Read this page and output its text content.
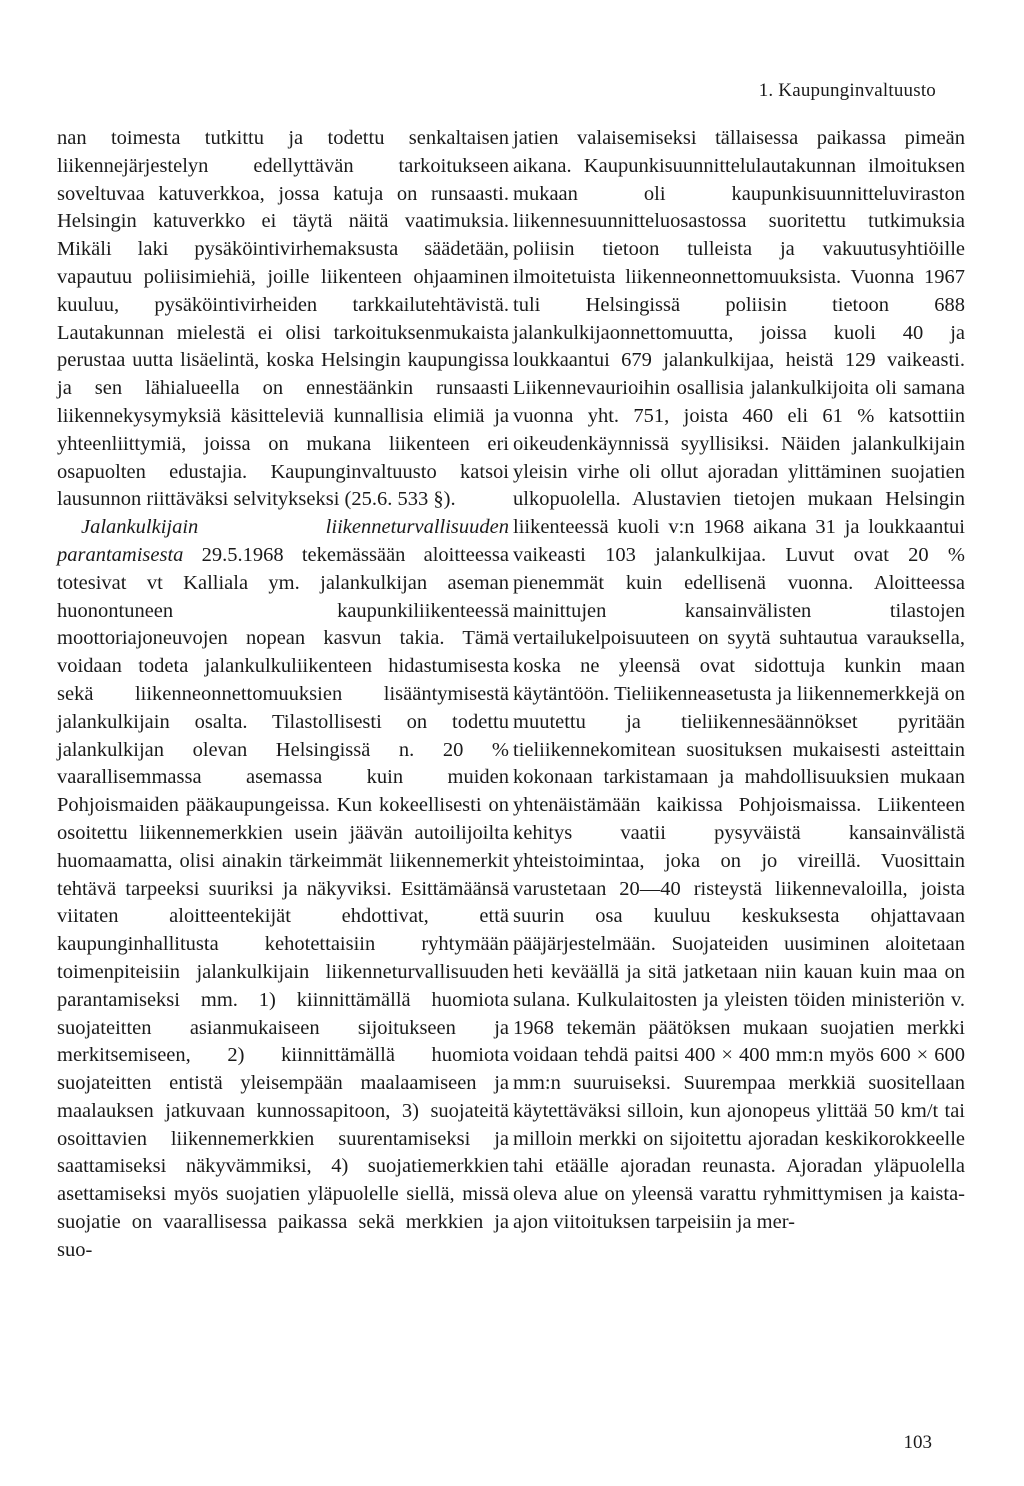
1. Kaupunginvaltuusto

nan toimesta tutkittu ja todettu senkaltaisen liikennejärjestelyn edellyttävän tarkoitukseen soveltuvaa katuverkkoa, jossa katuja on runsaasti. Helsingin katuverkko ei täytä näitä vaatimuksia. Mikäli laki pysäköintivirhemaksusta säädetään, vapautuu poliisimiehiä, joille liikenteen ohjaaminen kuuluu, pysäköintivirheiden tarkkailutehtävistä. Lautakunnan mielestä ei olisi tarkoituksenmukaista perustaa uutta lisäelintä, koska Helsingin kaupungissa ja sen lähialueella on ennestäänkin runsaasti liikennekysymyksiä käsitteleviä kunnallisia elimiä ja yhteenliittymiä, joissa on mukana liikenteen eri osapuolten edustajia. Kaupunginvaltuusto katsoi lausunnon riittäväksi selvitykseksi (25.6. 533 §).

Jalankulkijain liikenneturvallisuuden parantamisesta 29.5.1968 tekemässään aloitteessa totesivat vt Kalliala ym. jalankulkijan aseman huonontuneen kaupunkiliikenteessä moottoriajoneuvojen nopean kasvun takia. Tämä voidaan todeta jalankulkuliikenteen hidastumisesta sekä liikenneonnettomuuksien lisääntymisestä jalankulkijain osalta. Tilastollisesti on todettu jalankulkijan olevan Helsingissä n. 20 % vaarallisemmassa asemassa kuin muiden Pohjoismaiden pääkaupungeissa. Kun kokeellisesti on osoitettu liikennemerkkien usein jäävän autoilijoilta huomaamatta, olisi ainakin tärkeimmät liikennemerkit tehtävä tarpeeksi suuriksi ja näkyviksi. Esittämäänsä viitaten aloitteentekijät ehdottivat, että kaupunginhallitusta kehotettaisiin ryhtymään toimenpiteisiin jalankulkijain liikenneturvallisuuden parantamiseksi mm. 1) kiinnittämällä huomiota suojateitten asianmukaiseen sijoitukseen ja merkitsemiseen, 2) kiinnittämällä huomiota suojateitten entistä yleisempään maalaamiseen ja maalauksen jatkuvaan kunnossapitoon, 3) suojateitä osoittavien liikennemerkkien suurentamiseksi ja saattamiseksi näkyvämmiksi, 4) suojatiemerkkien asettamiseksi myös suojatien yläpuolelle siellä, missä suojatie on vaarallisessa paikassa sekä merkkien ja suo-

jatien valaisemiseksi tällaisessa paikassa pimeän aikana. Kaupunkisuunnittelulautakunnan ilmoituksen mukaan oli kaupunkisuunnitteluviraston liikennesuunnitteluosastossa suoritettu tutkimuksia poliisin tietoon tulleista ja vakuutusyhtiöille ilmoitetuista liikenneonnettomuuksista. Vuonna 1967 tuli Helsingissä poliisin tietoon 688 jalankulkijaonnettomuutta, joissa kuoli 40 ja loukkaantui 679 jalankulkijaa, heistä 129 vaikeasti. Liikennevaurioihin osallisia jalankulkijoita oli samana vuonna yht. 751, joista 460 eli 61 % katsottiin oikeudenkäynnissä syyllisiksi. Näiden jalankulkijain yleisin virhe oli ollut ajoradan ylittäminen suojatien ulkopuolella. Alustavien tietojen mukaan Helsingin liikenteessä kuoli v:n 1968 aikana 31 ja loukkaantui vaikeasti 103 jalankulkijaa. Luvut ovat 20 % pienemmät kuin edellisenä vuonna. Aloitteessa mainittujen kansainvälisten tilastojen vertailukelpoisuuteen on syytä suhtautua varauksella, koska ne yleensä ovat sidottuja kunkin maan käytäntöön. Tieliikenneasetusta ja liikennemerkkejä on muutettu ja tieliikennesäännökset pyritään tieliikennekomitean suosituksen mukaisesti asteittain kokonaan tarkistamaan ja mahdollisuuksien mukaan yhtenäistämään kaikissa Pohjoismaissa. Liikenteen kehitys vaatii pysyväistä kansainvälistä yhteistoimintaa, joka on jo vireillä. Vuosittain varustetaan 20—40 risteystä liikennevaloilla, joista suurin osa kuuluu keskuksesta ohjattavaan pääjärjestelmään. Suojateiden uusiminen aloitetaan heti keväällä ja sitä jatketaan niin kauan kuin maa on sulana. Kulkulaitosten ja yleisten töiden ministeriön v. 1968 tekemän päätöksen mukaan suojatien merkki voidaan tehdä paitsi 400 × 400 mm:n myös 600 × 600 mm:n suuruiseksi. Suurempaa merkkiä suositellaan käytettäväksi silloin, kun ajonopeus ylittää 50 km/t tai milloin merkki on sijoitettu ajoradan keskikorokkeelle tahi etäälle ajoradan reunasta. Ajoradan yläpuolella oleva alue on yleensä varattu ryhmittymisen ja kaista-ajon viitoituksen tarpeisiin ja mer-

103
